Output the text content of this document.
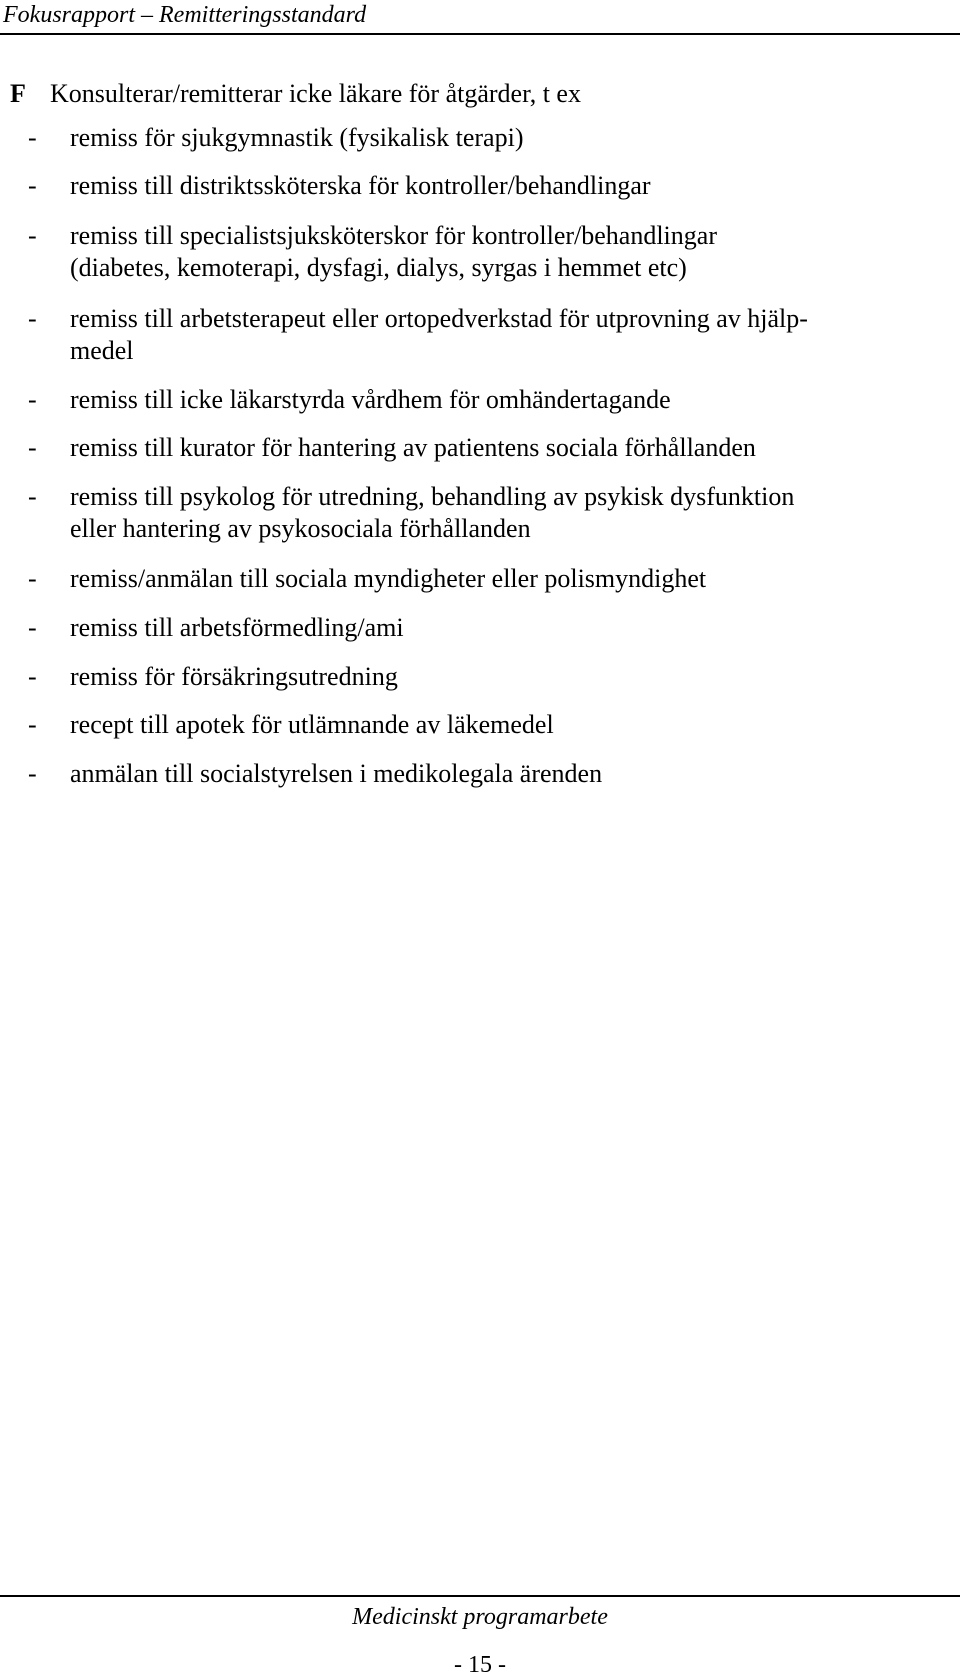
Fokusrapport – Remitteringsstandard
F Konsulterar/remitterar icke läkare för åtgärder, t ex
- remiss för sjukgymnastik (fysikalisk terapi)
- remiss till distriktssköterska för kontroller/behandlingar
- remiss till specialistsjuksköterskor för kontroller/behandlingar
(diabetes, kemoterapi, dysfagi, dialys, syrgas i hemmet etc)
- remiss till arbetsterapeut eller ortopedverkstad för utprovning av hjälp-
medel
- remiss till icke läkarstyrda vårdhem för omhändertagande
- remiss till kurator för hantering av patientens sociala förhållanden
- remiss till psykolog för utredning, behandling av psykisk dysfunktion
eller hantering av psykosociala förhållanden
- remiss/anmälan till sociala myndigheter eller polismyndighet
- remiss till arbetsförmedling/ami
- remiss för försäkringsutredning
- recept till apotek för utlämnande av läkemedel
- anmälan till socialstyrelsen i medikolegala ärenden
Medicinskt programarbete
- 15 -
